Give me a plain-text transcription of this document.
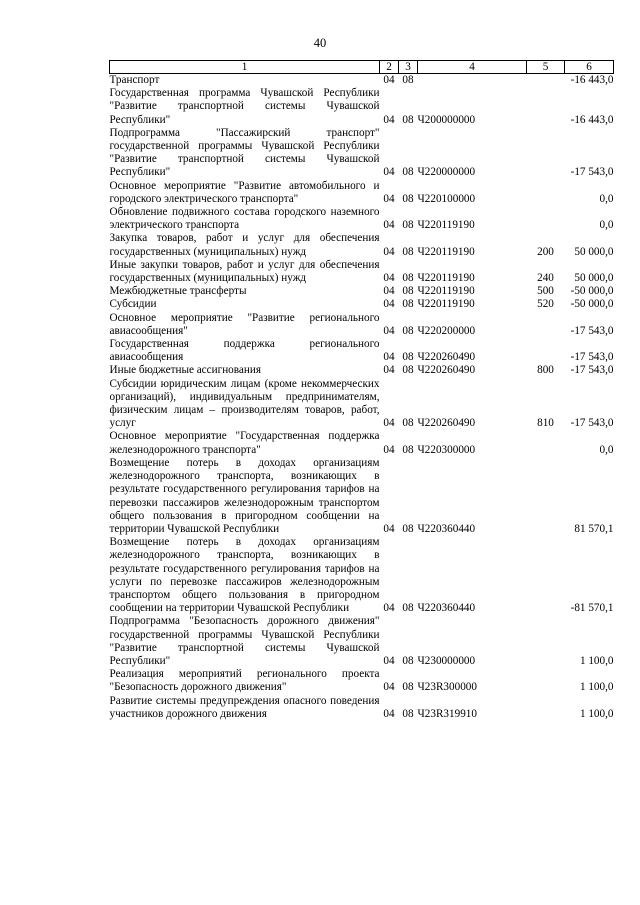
40
1	2	3	4	5	6
Транспорт	04	08			-16 443,0
Государственная программа Чувашской Республики "Развитие транспортной системы Чувашской Республики"	04	08	Ч200000000		-16 443,0
Подпрограмма "Пассажирский транспорт" государственной программы Чувашской Республики "Развитие транспортной системы Чувашской Республики"	04	08	Ч220000000		-17 543,0
Основное мероприятие "Развитие автомобильного и городского электрического транспорта"	04	08	Ч220100000		0,0
Обновление подвижного состава городского наземного электрического транспорта	04	08	Ч220119190		0,0
Закупка товаров, работ и услуг для обеспечения государственных (муниципальных) нужд	04	08	Ч220119190	200	50 000,0
Иные закупки товаров, работ и услуг для обеспечения государственных (муниципальных) нужд	04	08	Ч220119190	240	50 000,0
Межбюджетные трансферты	04	08	Ч220119190	500	-50 000,0
Субсидии	04	08	Ч220119190	520	-50 000,0
Основное мероприятие "Развитие регионального авиасообщения"	04	08	Ч220200000		-17 543,0
Государственная поддержка регионального авиасообщения	04	08	Ч220260490		-17 543,0
Иные бюджетные ассигнования	04	08	Ч220260490	800	-17 543,0
Субсидии юридическим лицам (кроме некоммерческих организаций), индивидуальным предпринимателям, физическим лицам – производителям товаров, работ, услуг	04	08	Ч220260490	810	-17 543,0
Основное мероприятие "Государственная поддержка железнодорожного транспорта"	04	08	Ч220300000		0,0
Возмещение потерь в доходах организациям железнодорожного транспорта, возникающих в результате государственного регулирования тарифов на перевозки пассажиров железнодорожным транспортом общего пользования в пригородном сообщении на территории Чувашской Республики	04	08	Ч220360440		81 570,1
Возмещение потерь в доходах организациям железнодорожного транспорта, возникающих в результате государственного регулирования тарифов на услуги по перевозке пассажиров железнодорожным транспортом общего пользования в пригородном сообщении на территории Чувашской Республики	04	08	Ч220360440		-81 570,1
Подпрограмма "Безопасность дорожного движения" государственной программы Чувашской Республики "Развитие транспортной системы Чувашской Республики"	04	08	Ч230000000		1 100,0
Реализация мероприятий регионального проекта "Безопасность дорожного движения"	04	08	Ч23R300000		1 100,0
Развитие системы предупреждения опасного поведения участников дорожного движения	04	08	Ч23R319910		1 100,0
